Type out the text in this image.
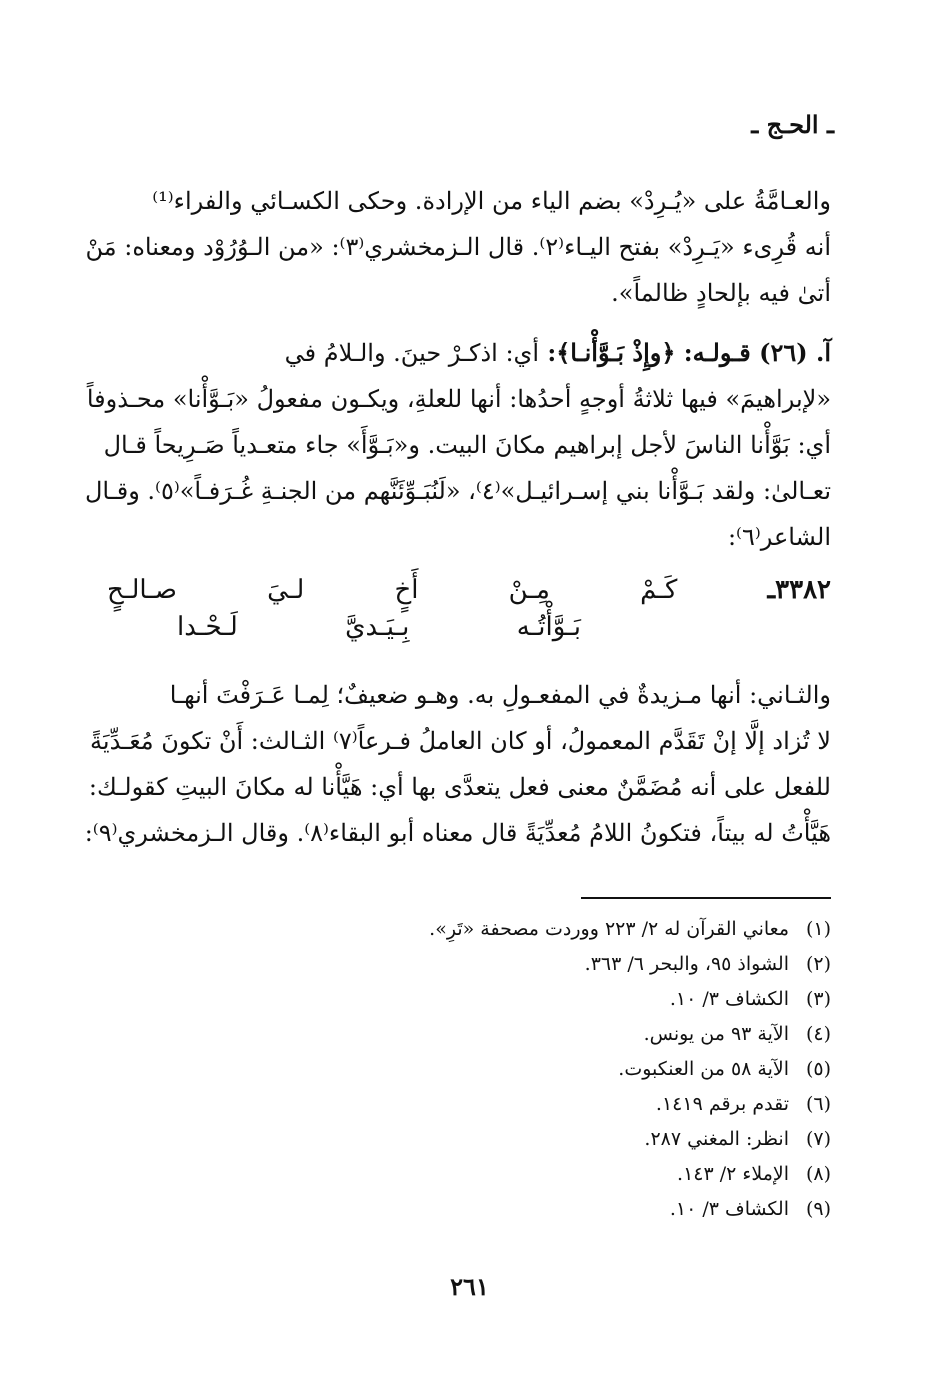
ـ الحـج ـ
والعـامَّةُ على «يُـرِدْ» بضم الياء من الإرادة. وحكى الكسـائي والفراء⁽¹⁾
أنه قُرِىء «يَـرِدْ» بفتح اليـاء⁽٢⁾. قال الـزمخشري⁽٣⁾: «من الـوُرُوْد ومعناه: مَنْ
أتىٰ فيه بإلحادٍ ظالماً».
آ. (٢٦) قـولـه: ﴿وإِذْ بَـوَّأْنـا﴾: أي: اذكـرْ حينَ. والـلامُ في
«لإبراهيمَ» فيها ثلاثةُ أوجهٍ أحدُها: أنها للعلةِ، ويكـون مفعولُ «بَـوَّأْنا» محـذوفاً
أي: بَوَّأْنا الناسَ لأجل إبراهيم مكانَ البيت. و«بَـوَّأَ» جاء متعـدياً صَـرِيحاً قـال
تعـالىٰ: ولقد بَـوَّأْنا بني إسـرائيـل»⁽٤⁾، «لَنُبَـوِّئَنَّهم من الجنـةِ غُـرَفـاً»⁽٥⁾. وقـال
الشاعر⁽٦⁾:
٣٣٨٢ـ
كَـمْ
مِـنْ
أَخٍ
لـيَ
صـالـحٍ
بَـوَّأْتُـه
بِـيَـديَّ
لَـحْـدا
والثـاني: أنها مـزيدةٌ في المفعـولِ به. وهـو ضعيفٌ؛ لِمـا عَـرَفْتَ أنهـا
لا تُزاد إلَّا إنْ تَقَدَّم المعمولُ، أو كان العاملُ فـرعاً⁽٧⁾ الثـالث: أَنْ تكونَ مُعَـدِّيَةً
للفعل على أنه مُضَمَّنٌ معنى فعل يتعدَّى بها أي: هَيَّأْنا له مكانَ البيتِ كقولـك:
هَيَّأْتُ له بيتاً، فتكونُ اللامُ مُعدِّيَةً قال معناه أبو البقاء⁽٨⁾. وقال الـزمخشري⁽٩⁾:
(١)
معاني القرآن له ٢/ ٢٢٣ ووردت مصحفة «تَرِ».
(٢)
الشواذ ٩٥، والبحر ٦/ ٣٦٣.
(٣)
الكشاف ٣/ ١٠.
(٤)
الآية ٩٣ من يونس.
(٥)
الآية ٥٨ من العنكبوت.
(٦)
تقدم برقم ١٤١٩.
(٧)
انظر: المغني ٢٨٧.
(٨)
الإملاء ٢/ ١٤٣.
(٩)
الكشاف ٣/ ١٠.
٢٦١
